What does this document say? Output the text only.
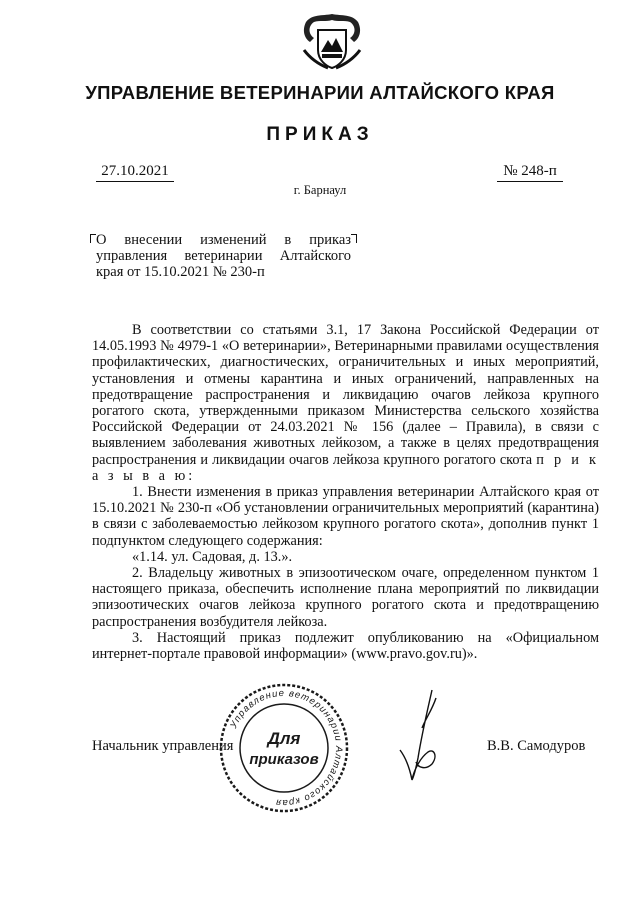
УПРАВЛЕНИЕ ВЕТЕРИНАРИИ АЛТАЙСКОГО КРАЯ
ПРИКАЗ
27.10.2021	№ 248-п
г. Барнаул
О внесении изменений в приказ управления ветеринарии Алтайского края от 15.10.2021 № 230-п

В соответствии со статьями 3.1, 17 Закона Российской Федерации от 14.05.1993 № 4979-1 «О ветеринарии», Ветеринарными правилами осуществления профилактических, диагностических, ограничительных и иных мероприятий, установления и отмены карантина и иных ограничений, направленных на предотвращение распространения и ликвидацию очагов лейкоза крупного рогатого скота, утвержденными приказом Министерства сельского хозяйства Российской Федерации от 24.03.2021 № 156 (далее – Правила), в связи с выявлением заболевания животных лейкозом, а также в целях предотвращения распространения и ликвидации очагов лейкоза крупного рогатого скота п р и к а з ы в а ю:

1. Внести изменения в приказ управления ветеринарии Алтайского края от 15.10.2021 № 230-п «Об установлении ограничительных мероприятий (карантина) в связи с заболеваемостью лейкозом крупного рогатого скота», дополнив пункт 1 подпунктом следующего содержания:

«1.14. ул. Садовая, д. 13.».

2. Владельцу животных в эпизоотическом очаге, определенном пунктом 1 настоящего приказа, обеспечить исполнение плана мероприятий по ликвидации эпизоотических очагов лейкоза крупного рогатого скота и предотвращению распространения возбудителя лейкоза.

3. Настоящий приказ подлежит опубликованию на «Официальном интернет-портале правовой информации» (www.pravo.gov.ru)».

Начальник управления	В.В. Самодуров
Управление ветеринарии Алтайского края
Для
приказов
